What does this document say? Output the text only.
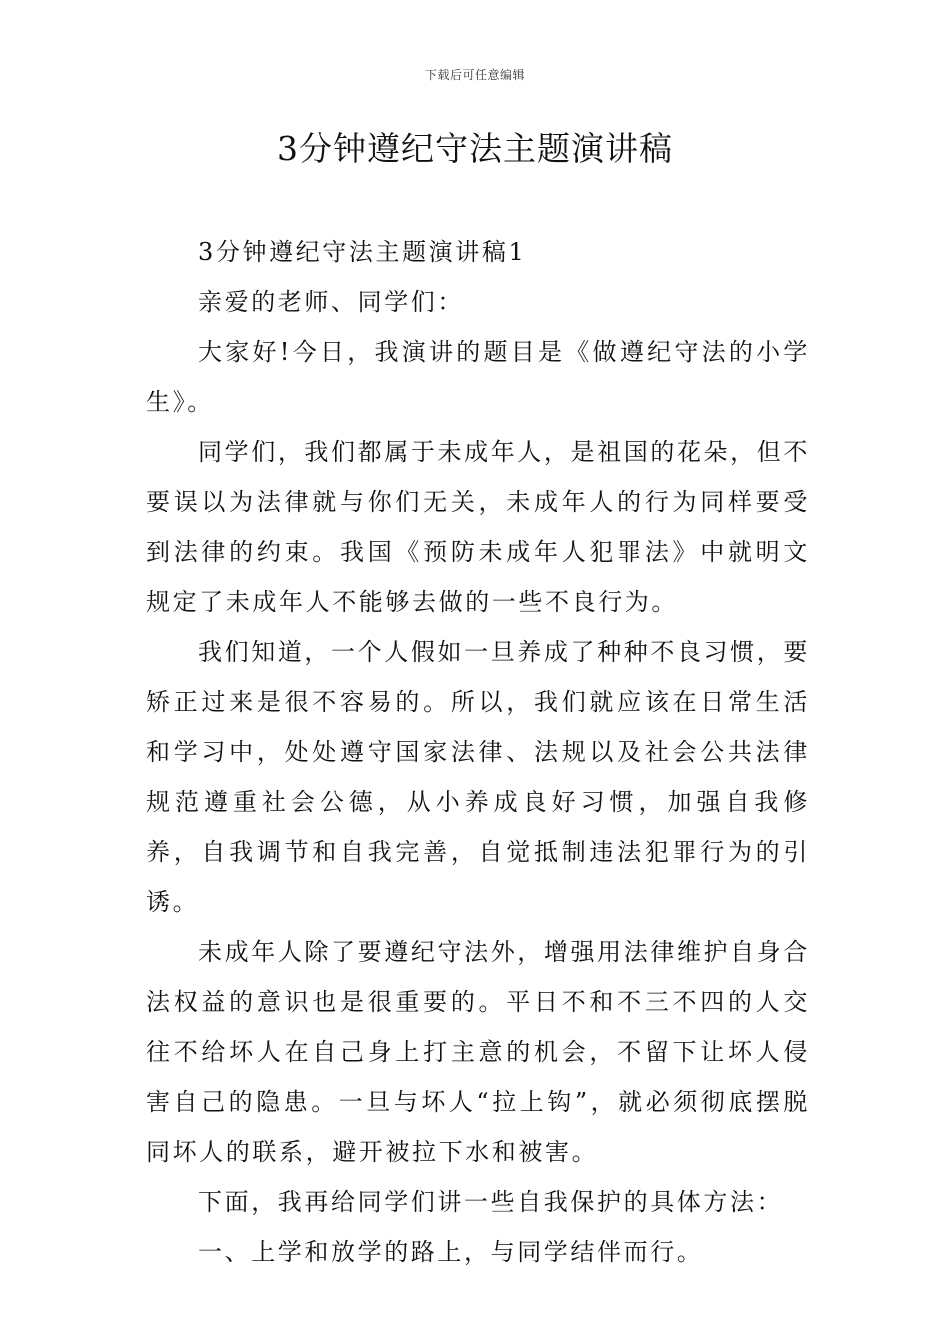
下载后可任意编辑
3分钟遵纪守法主题演讲稿

3分钟遵纪守法主题演讲稿1

亲爱的老师、同学们：

大家好!今日，我演讲的题目是《做遵纪守法的小学生》。

同学们，我们都属于未成年人，是祖国的花朵，但不要误以为法律就与你们无关，未成年人的行为同样要受到法律的约束。我国《预防未成年人犯罪法》中就明文规定了未成年人不能够去做的一些不良行为。

我们知道，一个人假如一旦养成了种种不良习惯，要矫正过来是很不容易的。所以，我们就应该在日常生活和学习中，处处遵守国家法律、法规以及社会公共法律规范遵重社会公德，从小养成良好习惯，加强自我修养，自我调节和自我完善，自觉抵制违法犯罪行为的引诱。

未成年人除了要遵纪守法外，增强用法律维护自身合法权益的意识也是很重要的。平日不和不三不四的人交往不给坏人在自己身上打主意的机会，不留下让坏人侵害自己的隐患。一旦与坏人“拉上钩”，就必须彻底摆脱同坏人的联系，避开被拉下水和被害。

下面，我再给同学们讲一些自我保护的具体方法：

一、上学和放学的路上，与同学结伴而行。
